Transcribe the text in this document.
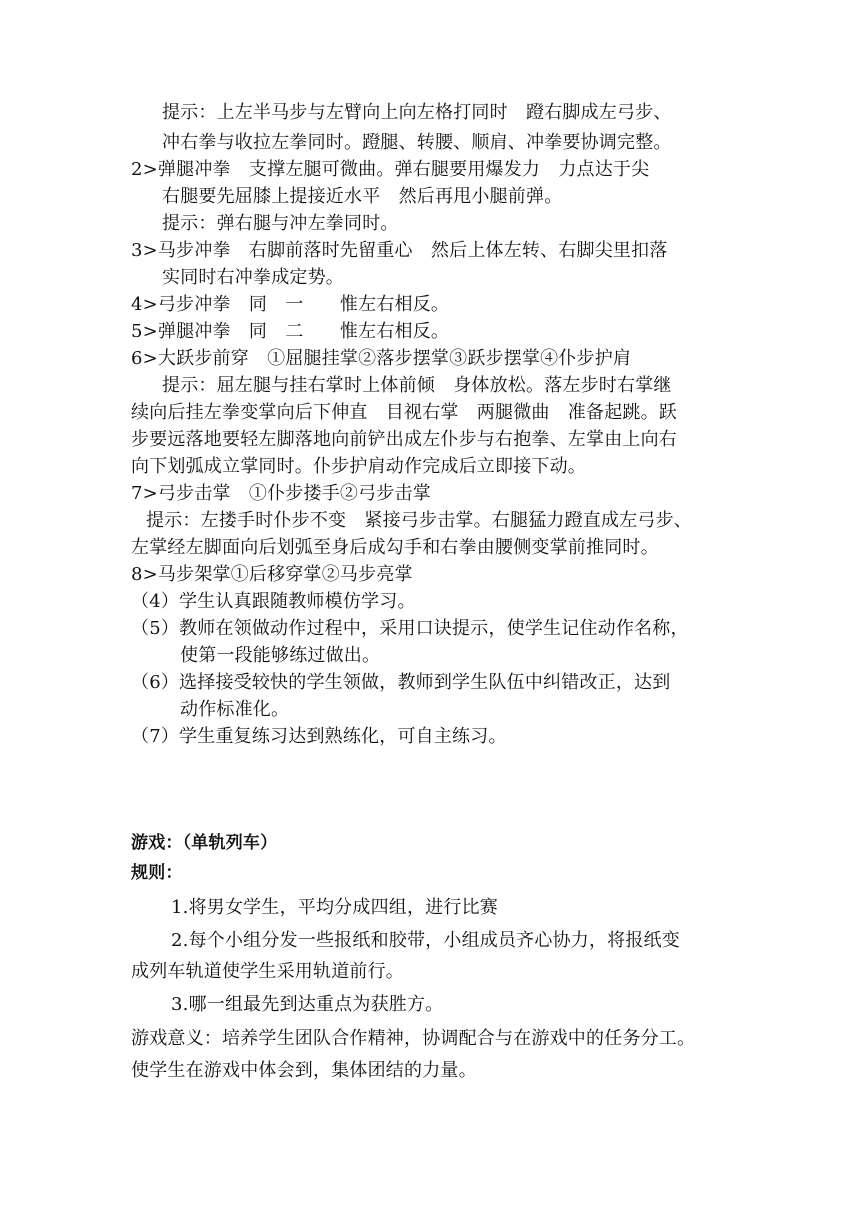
提示：上左半马步与左臂向上向左格打同时　蹬右脚成左弓步、
冲右拳与收拉左拳同时。蹬腿、转腰、顺肩、冲拳要协调完整。
2>弹腿冲拳　支撑左腿可微曲。弹右腿要用爆发力　力点达于尖
右腿要先屈膝上提接近水平　然后再甩小腿前弹。
提示：弹右腿与冲左拳同时。
3>马步冲拳　右脚前落时先留重心　然后上体左转、右脚尖里扣落
实同时右冲拳成定势。
4>弓步冲拳　同　一　　惟左右相反。
5>弹腿冲拳　同　二　　惟左右相反。
6>大跃步前穿　①屈腿挂掌②落步摆掌③跃步摆掌④仆步护肩
提示：屈左腿与挂右掌时上体前倾　身体放松。落左步时右掌继
续向后挂左拳变掌向后下伸直　目视右掌　两腿微曲　准备起跳。跃
步要远落地要轻左脚落地向前铲出成左仆步与右抱拳、左掌由上向右
向下划弧成立掌同时。仆步护肩动作完成后立即接下动。
7>弓步击掌　①仆步搂手②弓步击掌
提示：左搂手时仆步不变　紧接弓步击掌。右腿猛力蹬直成左弓步、
左掌经左脚面向后划弧至身后成勾手和右拳由腰侧变掌前推同时。
8>马步架掌①后移穿掌②马步亮掌
（4）学生认真跟随教师模仿学习。
（5）教师在领做动作过程中，采用口诀提示，使学生记住动作名称，
使第一段能够练过做出。
（6）选择接受较快的学生领做，教师到学生队伍中纠错改正，达到
动作标准化。
（7）学生重复练习达到熟练化，可自主练习。
游戏：（单轨列车）
规则：
1.将男女学生，平均分成四组，进行比赛
2.每个小组分发一些报纸和胶带，小组成员齐心协力，将报纸变
成列车轨道使学生采用轨道前行。
3.哪一组最先到达重点为获胜方。
游戏意义：培养学生团队合作精神，协调配合与在游戏中的任务分工。
使学生在游戏中体会到，集体团结的力量。
